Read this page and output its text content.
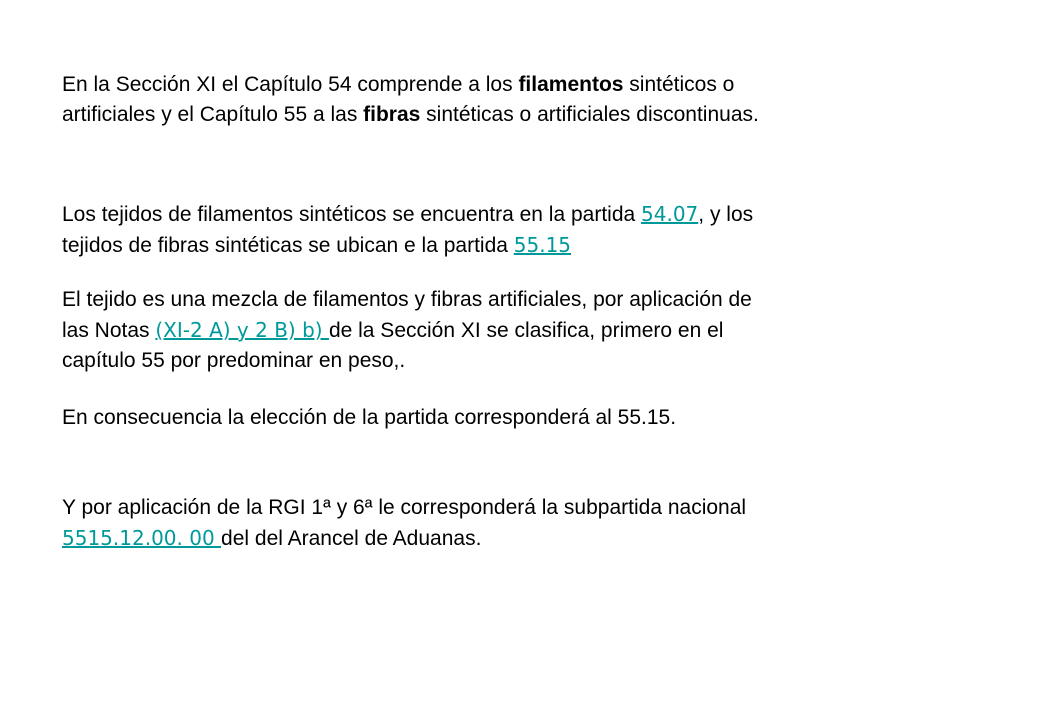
En la Sección XI el Capítulo 54 comprende a los filamentos sintéticos o
artificiales y el Capítulo 55 a las fibras sintéticas o artificiales discontinuas.

Los tejidos de filamentos sintéticos se encuentra en la partida 54.07, y los
tejidos de fibras sintéticas se ubican e la partida 55.15

El tejido es una mezcla de filamentos y fibras artificiales, por aplicación de
las Notas (XI-2 A) y 2 B) b) de la Sección XI se clasifica, primero en el
capítulo 55 por predominar en peso,.

En consecuencia la elección de la partida corresponderá al 55.15.

Y por aplicación de la RGI 1ª y 6ª le corresponderá la subpartida nacional
5515.12.00. 00 del del Arancel de Aduanas.
